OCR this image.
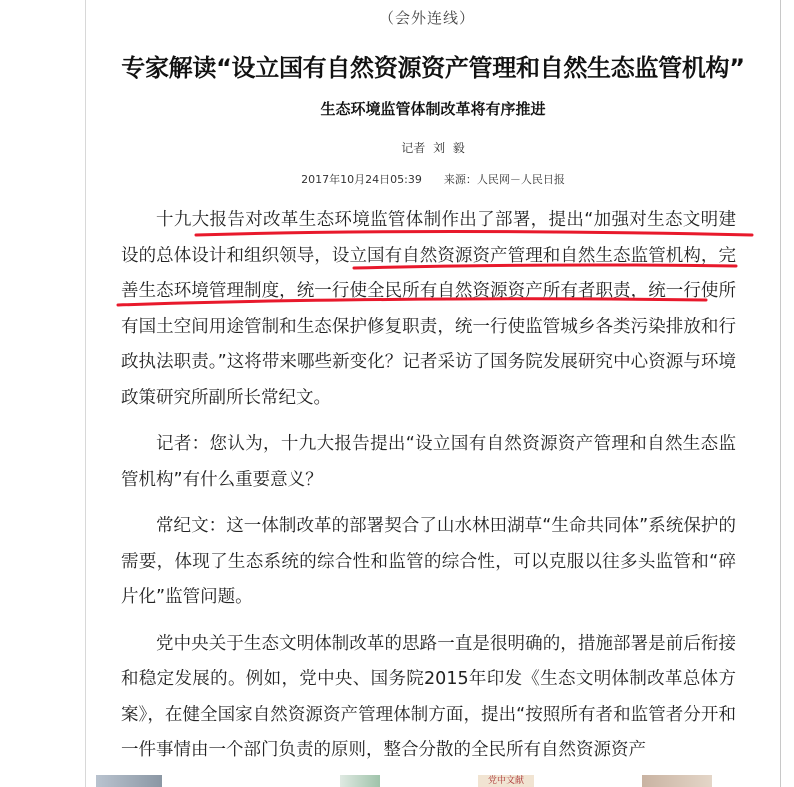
（会外连线）
专家解读“设立国有自然资源资产管理和自然生态监管机构”
生态环境监管体制改革将有序推进
记者 刘  毅
2017年10月24日05:39 来源：人民网－人民日报

十九大报告对改革生态环境监管体制作出了部署，提出“加强对生态文明建设的总体设计和组织领导，设立国有自然资源资产管理和自然生态监管机构，完善生态环境管理制度，统一行使全民所有自然资源资产所有者职责，统一行使所有国土空间用途管制和生态保护修复职责，统一行使监管城乡各类污染排放和行政执法职责。”这将带来哪些新变化？记者采访了国务院发展研究中心资源与环境政策研究所副所长常纪文。

记者：您认为，十九大报告提出“设立国有自然资源资产管理和自然生态监管机构”有什么重要意义？

常纪文：这一体制改革的部署契合了山水林田湖草“生命共同体”系统保护的需要，体现了生态系统的综合性和监管的综合性，可以克服以往多头监管和“碎片化”监管问题。

党中央关于生态文明体制改革的思路一直是很明确的，措施部署是前后衔接和稳定发展的。例如，党中央、国务院2015年印发《生态文明体制改革总体方案》，在健全国家自然资源资产管理体制方面，提出“按照所有者和监管者分开和一件事情由一个部门负责的原则，整合分散的全民所有自然资源资产

党中文献
